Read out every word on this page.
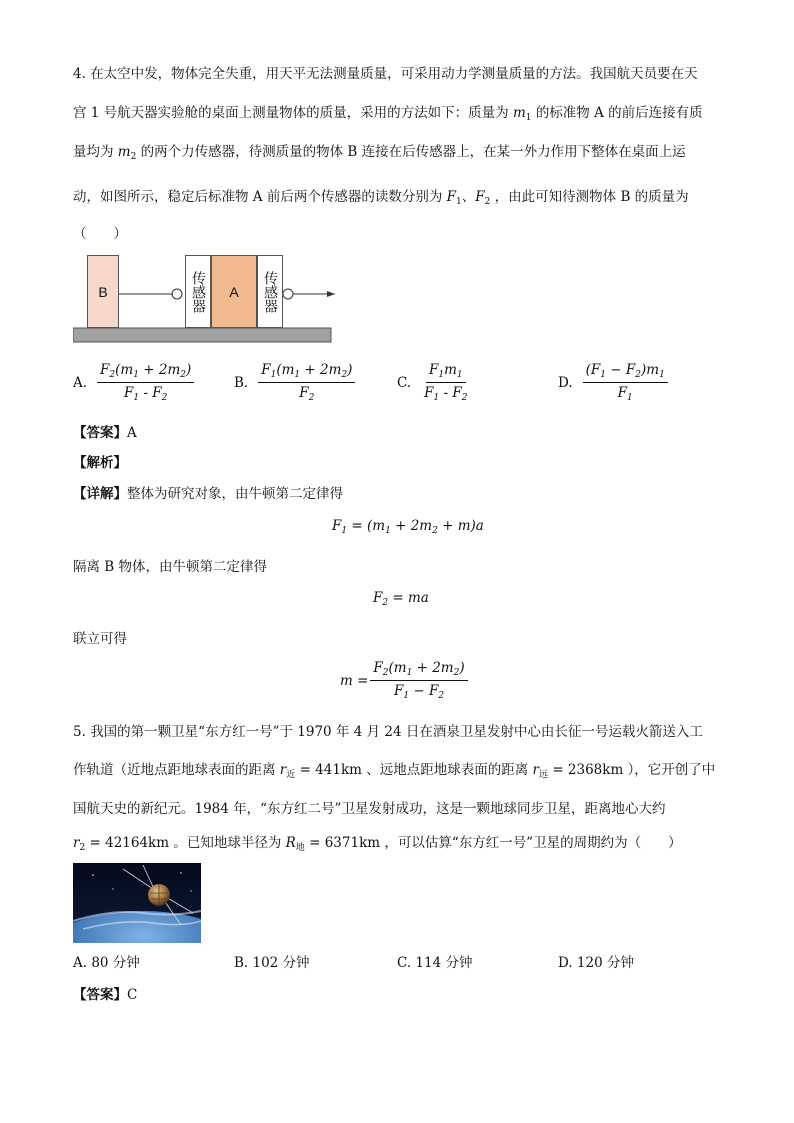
4. 在太空中发，物体完全失重，用天平无法测量质量，可采用动力学测量质量的方法。我国航天员要在天
宫 1 号航天器实验舱的桌面上测量物体的质量，采用的方法如下：质量为 $m_1$ 的标准物 A 的前后连接有质
量均为 $m_2$ 的两个力传感器，待测质量的物体 B 连接在后传感器上，在某一外力作用下整体在桌面上运
动，如图所示，稳定后标准物 A 前后两个传感器的读数分别为 $F_1$、$F_2$ ，由此可知待测物体 B 的质量为
（　　）
B	传感器 A 传感器
A. $\frac{F_2(m_1 + 2m_2)}{F_1 - F_2}$	B. $\frac{F_1(m_1 + 2m_2)}{F_2}$	C. $\frac{F_1m_1}{F_1 - F_2}$	D. $\frac{(F_1 - F_2)m_1}{F_1}$
【答案】A
【解析】
【详解】整体为研究对象，由牛顿第二定律得
$F_1 = (m_1 + 2m_2 + m)a$
隔离 B 物体，由牛顿第二定律得
$F_2$ = ma
联立可得
$m = \frac{F_2(m_1 + 2m_2)}{F_1 - F_2}$
5. 我国的第一颗卫星“东方红一号”于 1970 年 4 月 24 日在酒泉卫星发射中心由长征一号运载火箭送入工
作轨道（近地点距地球表面的距离 $r_近 = 441km$ 、远地点距地球表面的距离 $r_远 = 2368km$ ），它开创了中
国航天史的新纪元。1984 年，“东方红二号”卫星发射成功，这是一颗地球同步卫星，距离地心大约
$r_2 = 42164km$ 。已知地球半径为 $R_地 = 6371km$ ，可以估算“东方红一号”卫星的周期约为（　　）
A. 80 分钟	B. 102 分钟	C. 114 分钟	D. 120 分钟
【答案】C
